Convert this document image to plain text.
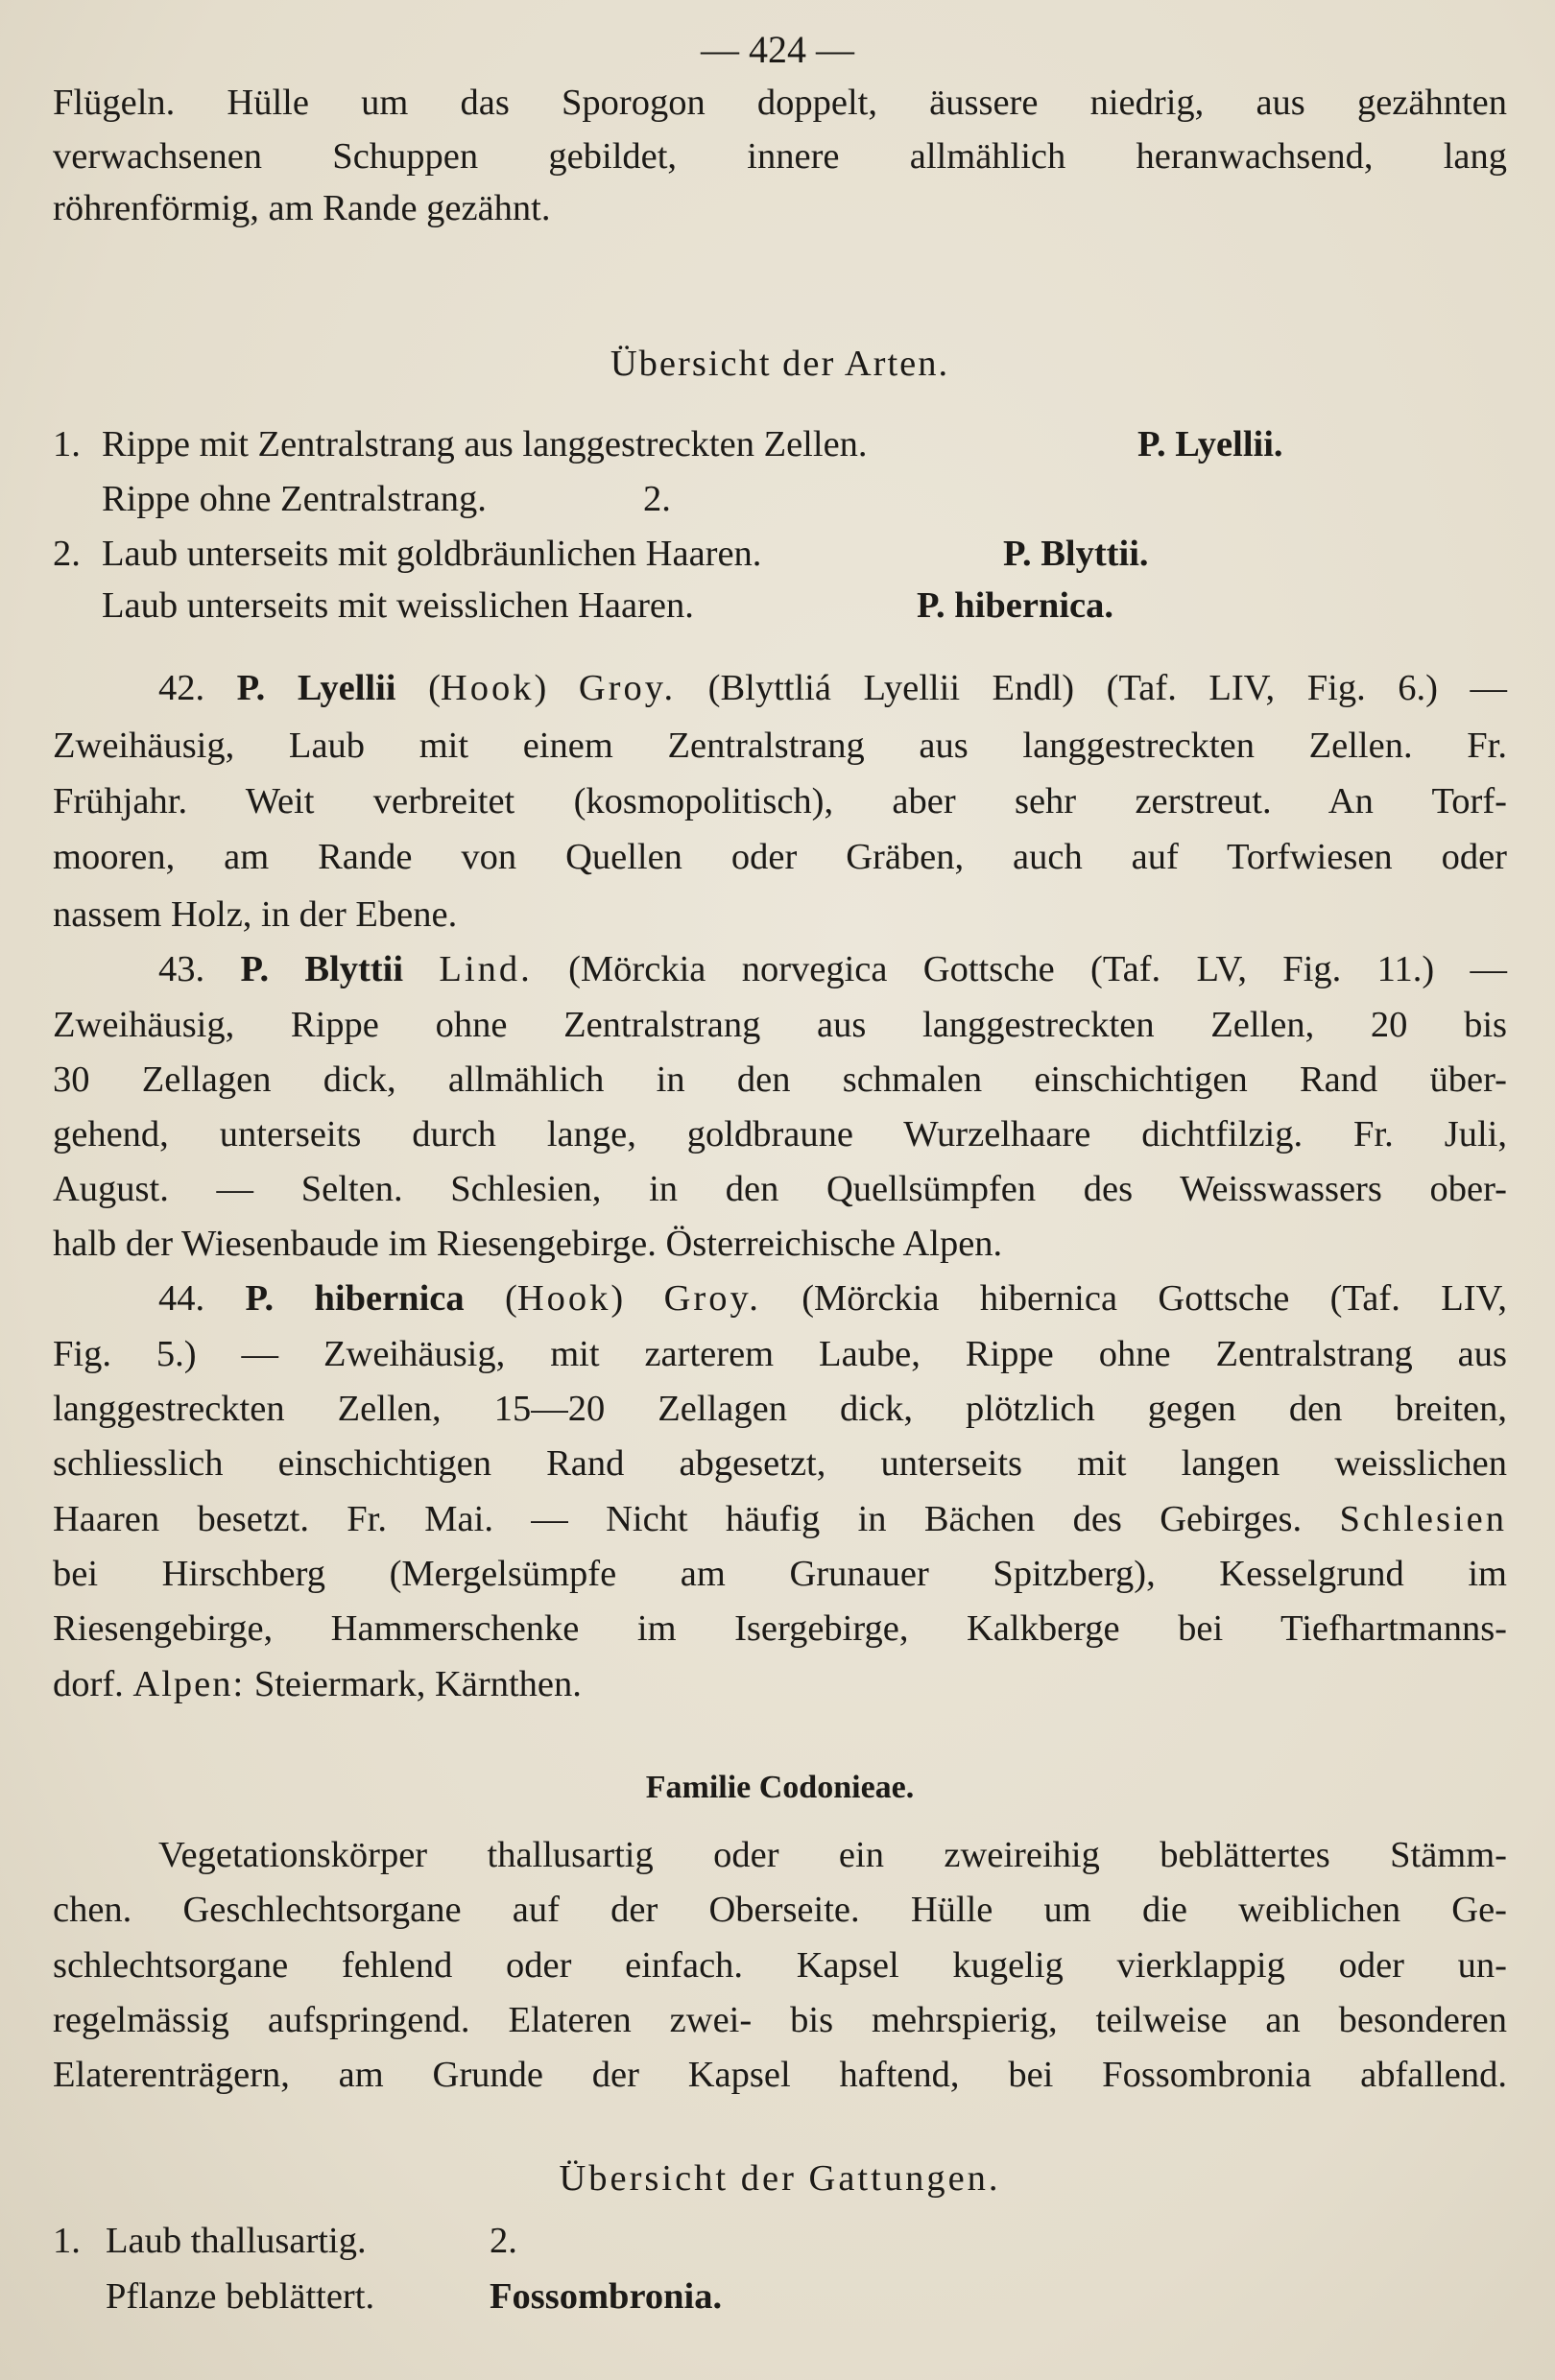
— 424 —
Flügeln. Hülle um das Sporogon doppelt, äussere niedrig, aus gezähnten
verwachsenen Schuppen gebildet, innere allmählich heranwachsend, lang
röhrenförmig, am Rande gezähnt.
Übersicht der Arten.
1. Rippe mit Zentralstrang aus langgestreckten Zellen.	P. Lyellii.
Rippe ohne Zentralstrang.	2.
2. Laub unterseits mit goldbräunlichen Haaren.	P. Blyttii.
Laub unterseits mit weisslichen Haaren.	P. hibernica.
42. P. Lyellii (Hook) Groy. (Blyttliá Lyellii Endl) (Taf. LIV, Fig. 6.) —
Zweihäusig, Laub mit einem Zentralstrang aus langgestreckten Zellen. Fr.
Frühjahr. Weit verbreitet (kosmopolitisch), aber sehr zerstreut. An Torf-
mooren, am Rande von Quellen oder Gräben, auch auf Torfwiesen oder
nassem Holz, in der Ebene.
43. P. Blyttii Lind. (Mörckia norvegica Gottsche (Taf. LV, Fig. 11.) —
Zweihäusig, Rippe ohne Zentralstrang aus langgestreckten Zellen, 20 bis
30 Zellagen dick, allmählich in den schmalen einschichtigen Rand über-
gehend, unterseits durch lange, goldbraune Wurzelhaare dichtfilzig. Fr. Juli,
August. — Selten. Schlesien, in den Quellsümpfen des Weisswassers ober-
halb der Wiesenbaude im Riesengebirge. Österreichische Alpen.
44. P. hibernica (Hook) Groy. (Mörckia hibernica Gottsche (Taf. LIV,
Fig. 5.) — Zweihäusig, mit zarterem Laube, Rippe ohne Zentralstrang aus
langgestreckten Zellen, 15—20 Zellagen dick, plötzlich gegen den breiten,
schliesslich einschichtigen Rand abgesetzt, unterseits mit langen weisslichen
Haaren besetzt. Fr. Mai. — Nicht häufig in Bächen des Gebirges. Schlesien
bei Hirschberg (Mergelsümpfe am Grunauer Spitzberg), Kesselgrund im
Riesengebirge, Hammerschenke im Isergebirge, Kalkberge bei Tiefhartmanns-
dorf. Alpen: Steiermark, Kärnthen.
Familie Codonieae.
Vegetationskörper thallusartig oder ein zweireihig beblättertes Stämm-
chen. Geschlechtsorgane auf der Oberseite. Hülle um die weiblichen Ge-
schlechtsorgane fehlend oder einfach. Kapsel kugelig vierklappig oder un-
regelmässig aufspringend. Elateren zwei- bis mehrspierig, teilweise an besonderen
Elaterenträgern, am Grunde der Kapsel haftend, bei Fossombronia abfallend.
Übersicht der Gattungen.
1. Laub thallusartig.	2.
Pflanze beblättert.	Fossombronia.
